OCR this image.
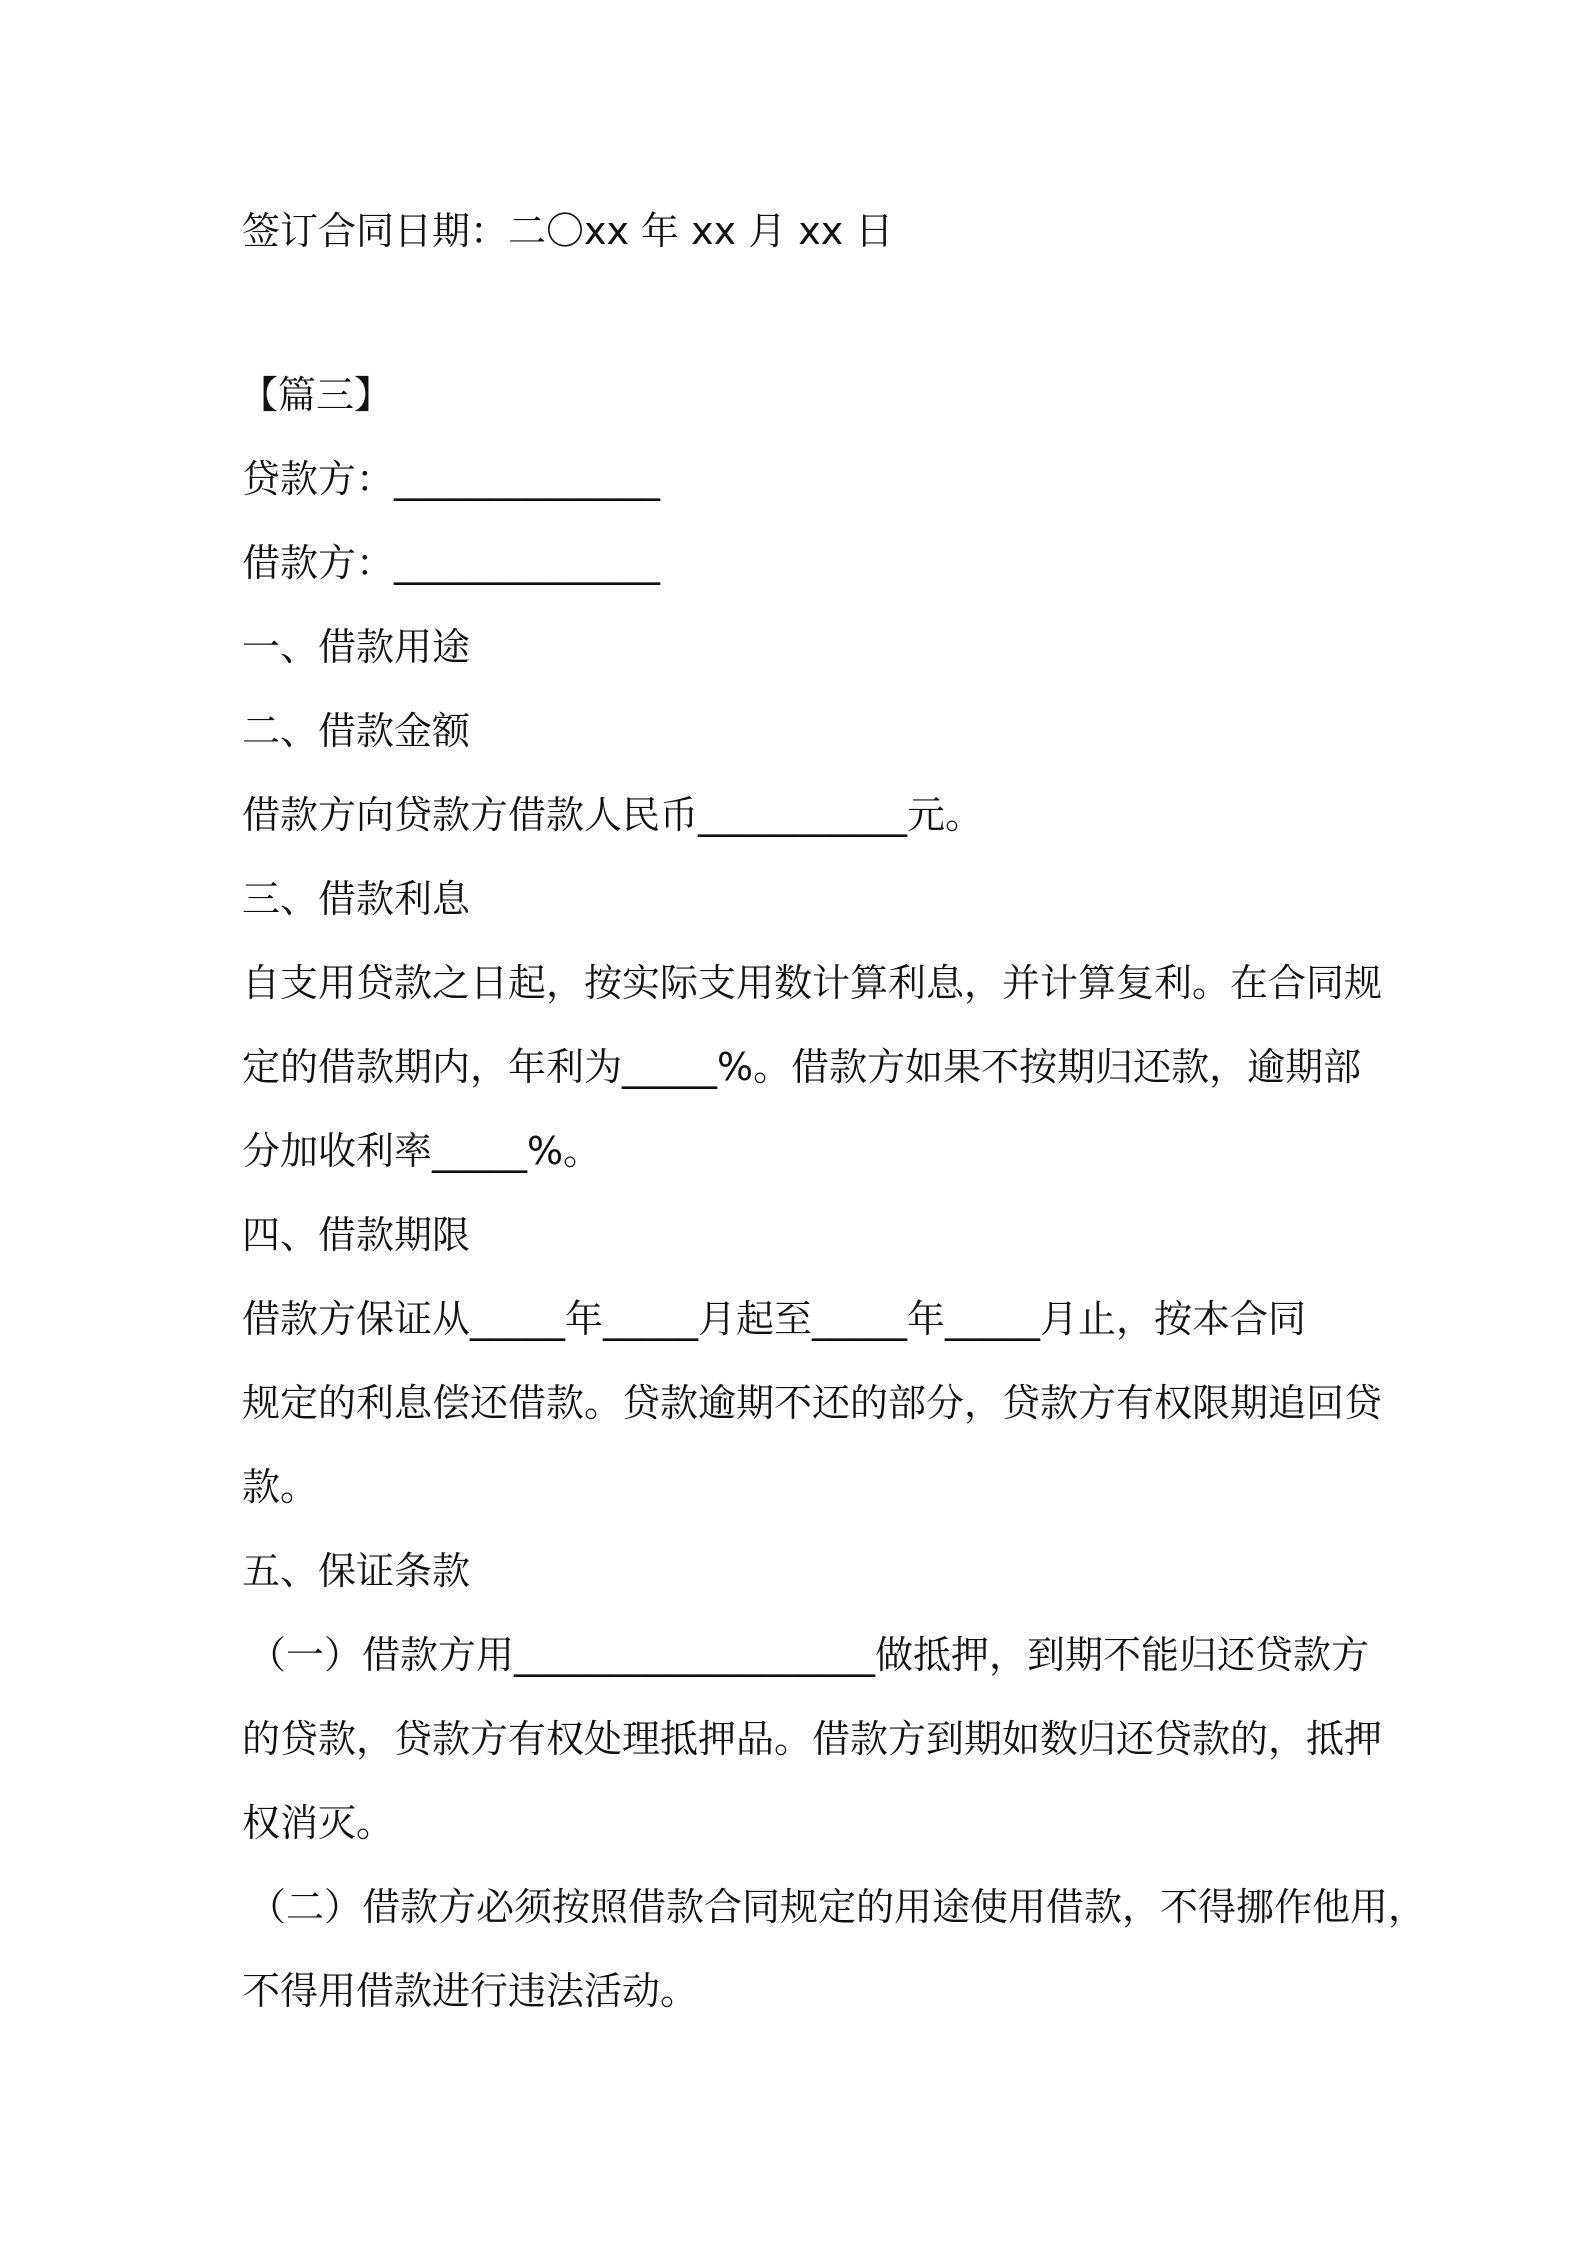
签订合同日期：二〇xx 年 xx 月 xx 日
【篇三】
贷款方：______________
借款方：______________
一、借款用途
二、借款金额
借款方向贷款方借款人民币___________元。
三、借款利息
自支用贷款之日起，按实际支用数计算利息，并计算复利。在合同规
定的借款期内，年利为_____%。借款方如果不按期归还款，逾期部
分加收利率_____%。
四、借款期限
借款方保证从_____年_____月起至_____年_____月止，按本合同
规定的利息偿还借款。贷款逾期不还的部分，贷款方有权限期追回贷
款。
五、保证条款
（一）借款方用___________________做抵押，到期不能归还贷款方
的贷款，贷款方有权处理抵押品。借款方到期如数归还贷款的，抵押
权消灭。
（二）借款方必须按照借款合同规定的用途使用借款，不得挪作他用，
不得用借款进行违法活动。
